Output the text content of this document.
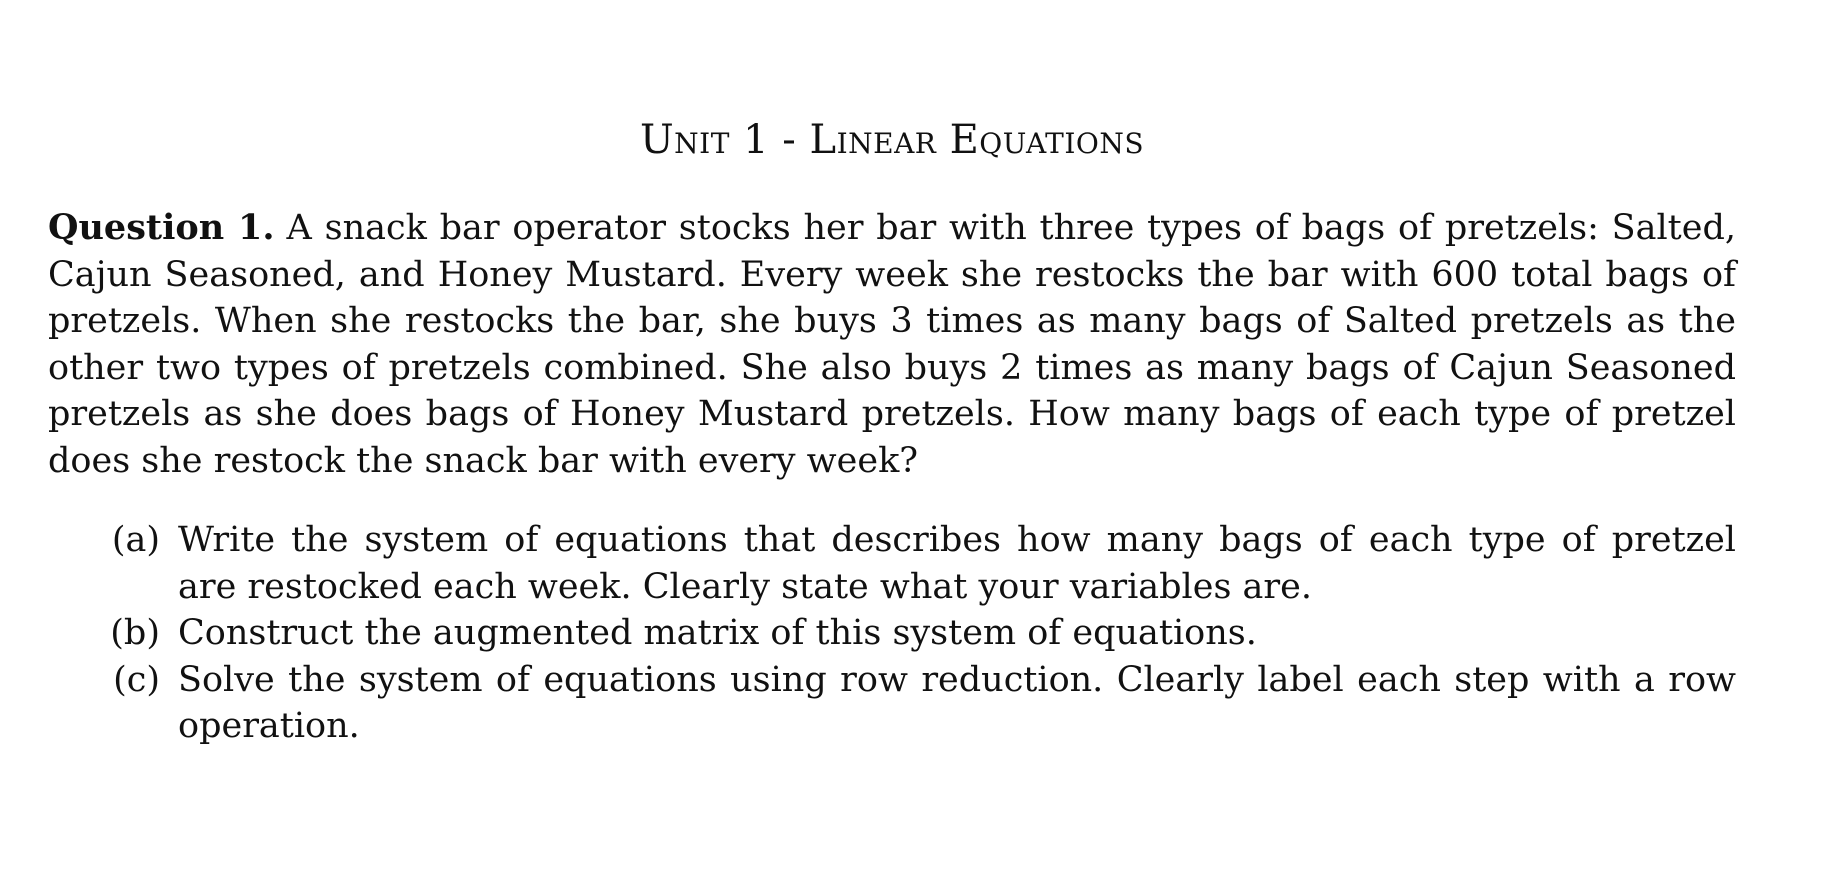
Unit 1 - Linear Equations

Question 1. A snack bar operator stocks her bar with three types of bags of pretzels: Salted, Cajun Seasoned, and Honey Mustard. Every week she restocks the bar with 600 total bags of pretzels. When she restocks the bar, she buys 3 times as many bags of Salted pretzels as the other two types of pretzels combined. She also buys 2 times as many bags of Cajun Seasoned pretzels as she does bags of Honey Mustard pretzels. How many bags of each type of pretzel does she restock the snack bar with every week?

(a) Write the system of equations that describes how many bags of each type of pretzel are restocked each week. Clearly state what your variables are.
(b) Construct the augmented matrix of this system of equations.
(c) Solve the system of equations using row reduction. Clearly label each step with a row operation.
